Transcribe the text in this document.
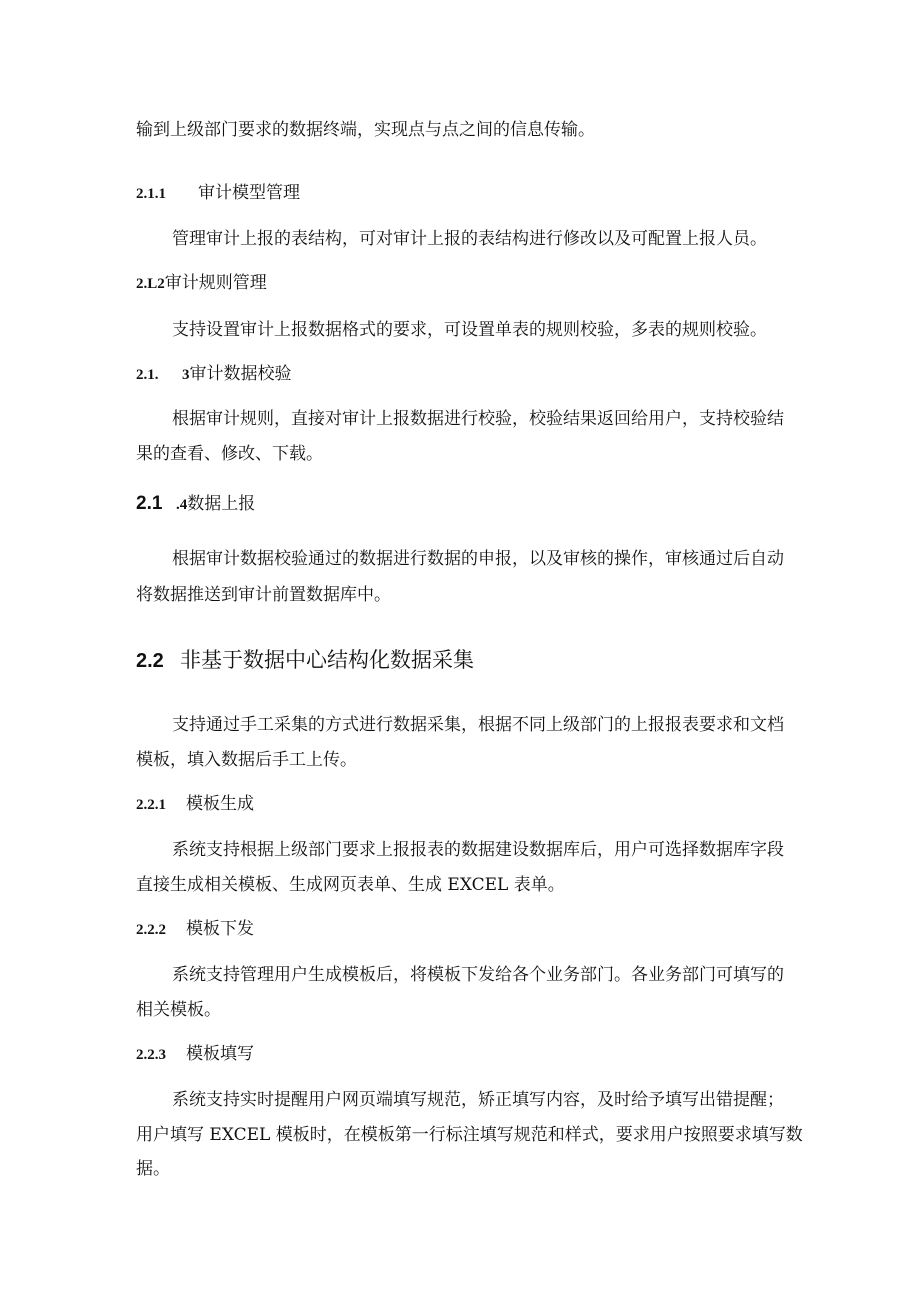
输到上级部门要求的数据终端，实现点与点之间的信息传输。
2.1.1 审计模型管理
管理审计上报的表结构，可对审计上报的表结构进行修改以及可配置上报人员。
2.L2审计规则管理
支持设置审计上报数据格式的要求，可设置单表的规则校验，多表的规则校验。
2.1. 3审计数据校验
根据审计规则，直接对审计上报数据进行校验，校验结果返回给用户，支持校验结
果的查看、修改、下载。
2.1 .4数据上报
根据审计数据校验通过的数据进行数据的申报，以及审核的操作，审核通过后自动
将数据推送到审计前置数据库中。
2.2 非基于数据中心结构化数据采集
支持通过手工采集的方式进行数据采集，根据不同上级部门的上报报表要求和文档
模板，填入数据后手工上传。
2.2.1 模板生成
系统支持根据上级部门要求上报报表的数据建设数据库后，用户可选择数据库字段
直接生成相关模板、生成网页表单、生成 EXCEL 表单。
2.2.2 模板下发
系统支持管理用户生成模板后，将模板下发给各个业务部门。各业务部门可填写的
相关模板。
2.2.3 模板填写
系统支持实时提醒用户网页端填写规范，矫正填写内容，及时给予填写出错提醒；
用户填写 EXCEL 模板时，在模板第一行标注填写规范和样式，要求用户按照要求填写数
据。
